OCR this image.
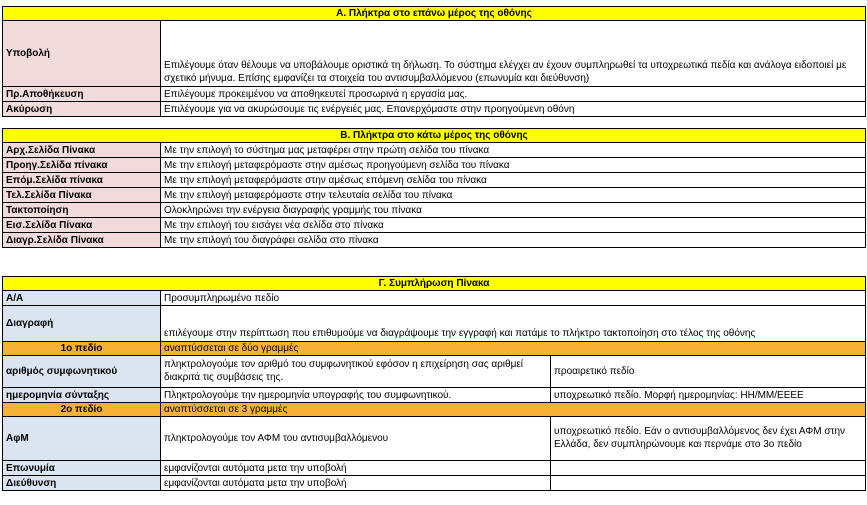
Α. Πλήκτρα στο επάνω μέρος της οθόνης	
Υποβολή	Επιλέγουμε όταν θέλουμε να υποβάλουμε οριστικά τη δήλωση. Το σύστημα ελέγχει αν έχουν συμπληρωθεί τα υποχρεωτικά πεδία και ανάλογα ειδοποιεί με σχετικό μήνυμα. Επίσης εμφανίζει τα στοιχεία του αντισυμβαλλόμενου (επωνυμία και διεύθυνση)
Πρ.Αποθήκευση	Επιλέγουμε προκειμένου να αποθηκευτεί προσωρινά η εργασία μας.
Ακύρωση	Επιλέγουμε για να ακυρώσουμε τις ενέργειές μας. Επανερχόμαστε στην προηγούμενη οθόνη
Β. Πλήκτρα στο κάτω μέρος της οθόνης	
Αρχ.Σελίδα Πίνακα	Με την επιλογή το σύστημα μας μεταφέρει στην πρώτη σελίδα του πίνακα
Προηγ.Σελίδα πίνακα	Με την επιλογή μεταφερόμαστε στην αμέσως προηγούμενη σελίδα του πίνακα
Επόμ.Σελίδα πίνακα	Με την επιλογή μεταφερόμαστε στην αμέσως επόμενη σελίδα του πίνακα
Τελ.Σελίδα Πίνακα	Με την επιλογή μεταφερόμαστε στην τελευταία σελίδα του πίνακα
Τακτοποίηση	Ολοκληρώνει την ενέργεια διαγραφής γραμμής του πίνακα
Εισ.Σελίδα Πίνακα	Με την επιλογή του εισάγει νέα σελίδα στο πίνακα
Διαγρ.Σελίδα Πίνακα	Με την επιλογή του διαγράφει σελίδα στο πίνακα
Γ. Συμπλήρωση Πίνακα		
Α/Α	Προσυμπληρωμένο πεδίο	
Διαγραφή	επιλέγουμε στην περίπτωση που επιθυμούμε να διαγράψουμε την εγγραφή και πατάμε το πλήκτρο τακτοποίηση στο τέλος της οθόνης	
1ο πεδίο	αναπτύσσεται σε δύο γραμμές	
αριθμός συμφωνητικού	πληκτρολογούμε τον αριθμό του συμφωνητικού εφόσον η επιχείρηση σας αριθμεί διακριτά τις συμβάσεις της.	προαιρετικό πεδίο
ημερομηνία σύνταξης	Πληκτρολογούμε την ημερομηνία υπογραφής του συμφωνητικού.	υποχρεωτικό πεδίο. Μορφή ημερομηνίας: ΗΗ/ΜΜ/ΕΕΕΕ
2ο πεδίο	αναπτύσσεται σε 3 γραμμές	
ΑφΜ	πληκτρολογούμε τον ΑΦΜ του αντισυμβαλλόμενου	υποχρεωτικό πεδίο. Εάν ο αντισυμβαλλόμενος δεν έχει ΑΦΜ στην Ελλάδα, δεν συμπληρώνουμε και περνάμε στο 3ο πεδίο
Επωνυμία	εμφανίζονται αυτόματα μετα την υποβολή	
Διεύθυνση	εμφανίζονται αυτόματα μετα την υποβολή	
